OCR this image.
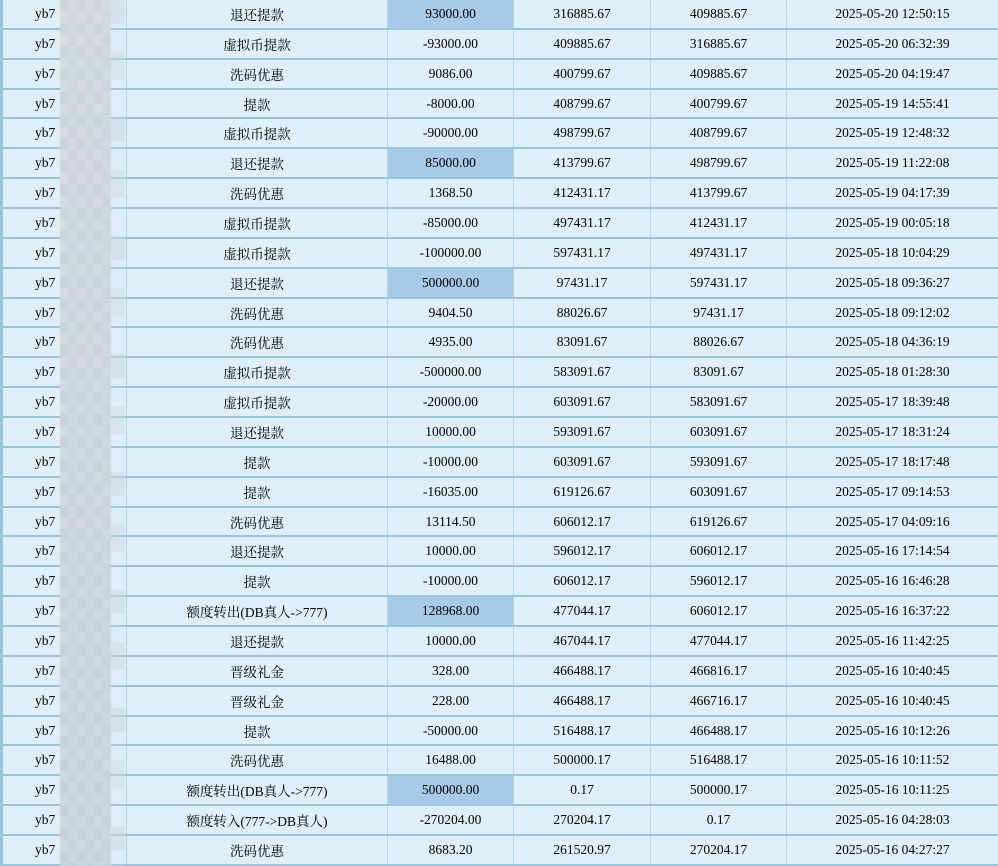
yb7	退还提款	93000.00	316885.67	409885.67	2025-05-20 12:50:15
yb7	虚拟币提款	-93000.00	409885.67	316885.67	2025-05-20 06:32:39
yb7	洗码优惠	9086.00	400799.67	409885.67	2025-05-20 04:19:47
yb7	提款	-8000.00	408799.67	400799.67	2025-05-19 14:55:41
yb7	虚拟币提款	-90000.00	498799.67	408799.67	2025-05-19 12:48:32
yb7	退还提款	85000.00	413799.67	498799.67	2025-05-19 11:22:08
yb7	洗码优惠	1368.50	412431.17	413799.67	2025-05-19 04:17:39
yb7	虚拟币提款	-85000.00	497431.17	412431.17	2025-05-19 00:05:18
yb7	虚拟币提款	-100000.00	597431.17	497431.17	2025-05-18 10:04:29
yb7	退还提款	500000.00	97431.17	597431.17	2025-05-18 09:36:27
yb7	洗码优惠	9404.50	88026.67	97431.17	2025-05-18 09:12:02
yb7	洗码优惠	4935.00	83091.67	88026.67	2025-05-18 04:36:19
yb7	虚拟币提款	-500000.00	583091.67	83091.67	2025-05-18 01:28:30
yb7	虚拟币提款	-20000.00	603091.67	583091.67	2025-05-17 18:39:48
yb7	退还提款	10000.00	593091.67	603091.67	2025-05-17 18:31:24
yb7	提款	-10000.00	603091.67	593091.67	2025-05-17 18:17:48
yb7	提款	-16035.00	619126.67	603091.67	2025-05-17 09:14:53
yb7	洗码优惠	13114.50	606012.17	619126.67	2025-05-17 04:09:16
yb7	退还提款	10000.00	596012.17	606012.17	2025-05-16 17:14:54
yb7	提款	-10000.00	606012.17	596012.17	2025-05-16 16:46:28
yb7	额度转出(DB真人->777)	128968.00	477044.17	606012.17	2025-05-16 16:37:22
yb7	退还提款	10000.00	467044.17	477044.17	2025-05-16 11:42:25
yb7	晋级礼金	328.00	466488.17	466816.17	2025-05-16 10:40:45
yb7	晋级礼金	228.00	466488.17	466716.17	2025-05-16 10:40:45
yb7	提款	-50000.00	516488.17	466488.17	2025-05-16 10:12:26
yb7	洗码优惠	16488.00	500000.17	516488.17	2025-05-16 10:11:52
yb7	额度转出(DB真人->777)	500000.00	0.17	500000.17	2025-05-16 10:11:25
yb7	额度转入(777->DB真人)	-270204.00	270204.17	0.17	2025-05-16 04:28:03
yb7	洗码优惠	8683.20	261520.97	270204.17	2025-05-16 04:27:27
